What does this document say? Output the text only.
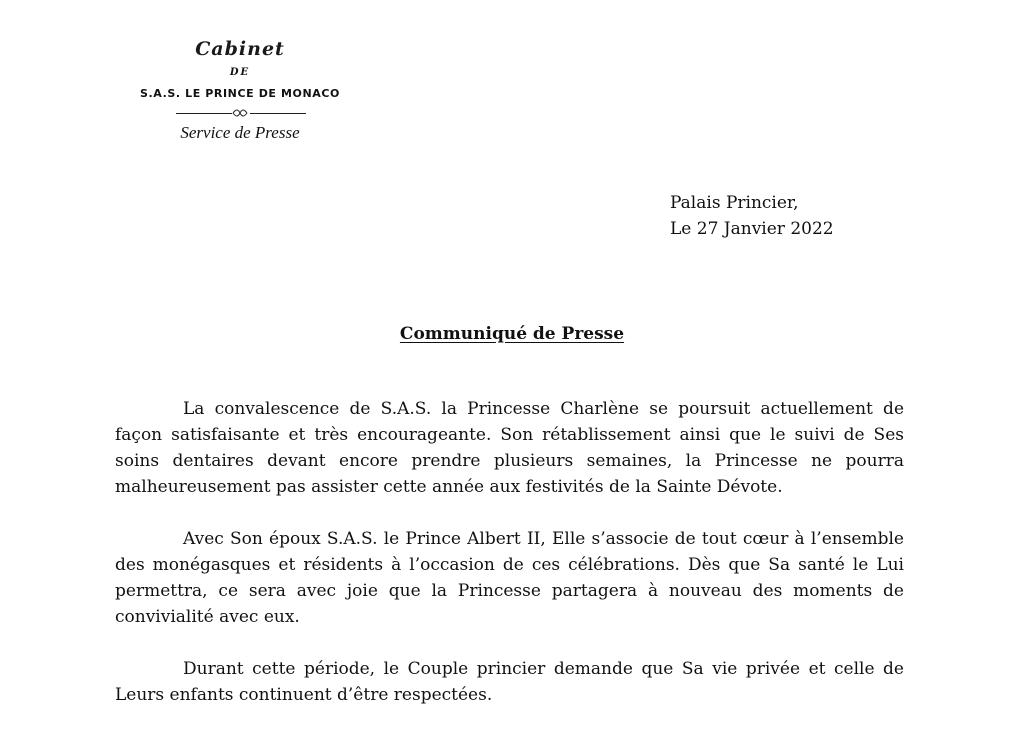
Cabinet
DE
S.A.S. LE PRINCE DE MONACO
Service de Presse
Palais Princier,
Le 27 Janvier 2022
Communiqué de Presse

La convalescence de S.A.S. la Princesse Charlène se poursuit actuellement de façon satisfaisante et très encourageante. Son rétablissement ainsi que le suivi de Ses soins dentaires devant encore prendre plusieurs semaines, la Princesse ne pourra malheureusement pas assister cette année aux festivités de la Sainte Dévote.

Avec Son époux S.A.S. le Prince Albert II, Elle s’associe de tout cœur à l’ensemble des monégasques et résidents à l’occasion de ces célébrations. Dès que Sa santé le Lui permettra, ce sera avec joie que la Princesse partagera à nouveau des moments de convivialité avec eux.

Durant cette période, le Couple princier demande que Sa vie privée et celle de Leurs enfants continuent d’être respectées.
